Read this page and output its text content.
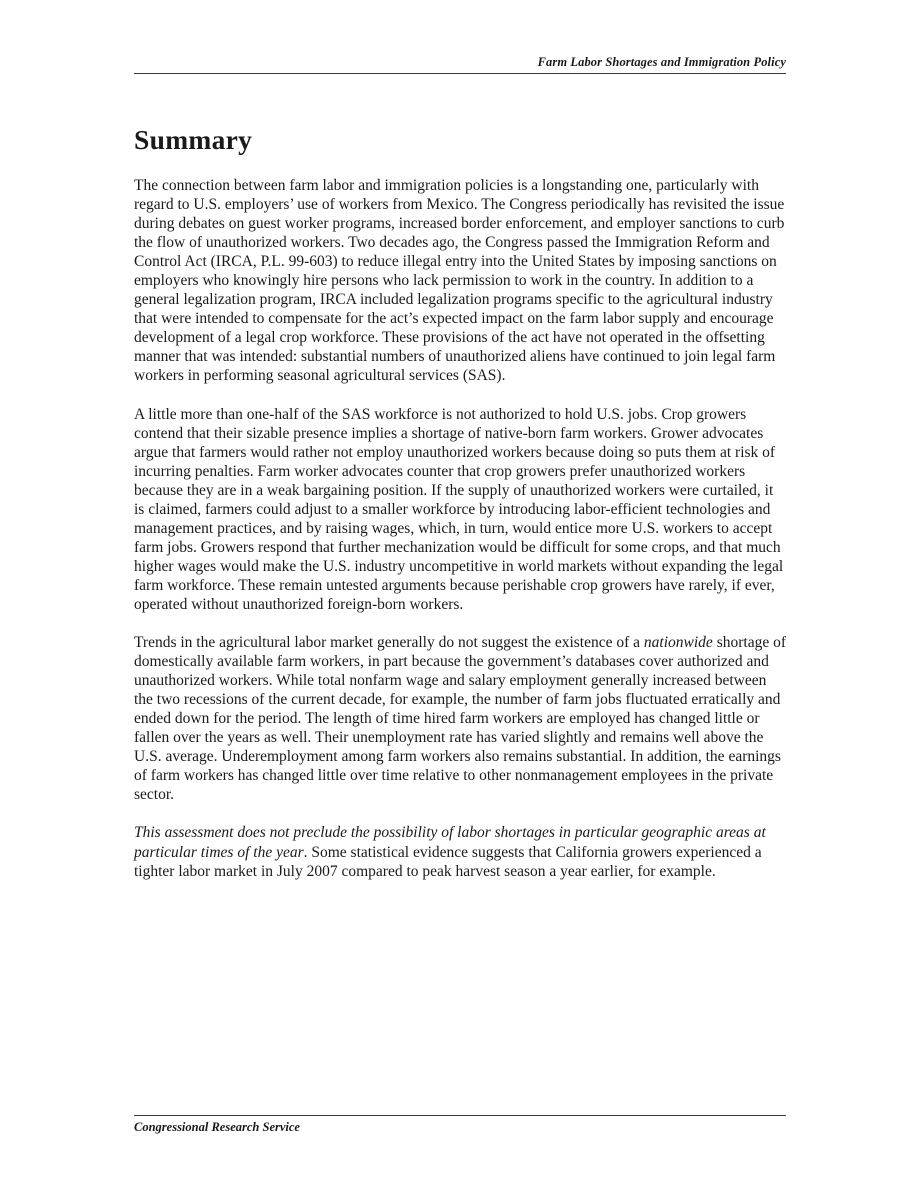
Farm Labor Shortages and Immigration Policy
Summary

The connection between farm labor and immigration policies is a longstanding one, particularly with regard to U.S. employers’ use of workers from Mexico. The Congress periodically has revisited the issue during debates on guest worker programs, increased border enforcement, and employer sanctions to curb the flow of unauthorized workers. Two decades ago, the Congress passed the Immigration Reform and Control Act (IRCA, P.L. 99-603) to reduce illegal entry into the United States by imposing sanctions on employers who knowingly hire persons who lack permission to work in the country. In addition to a general legalization program, IRCA included legalization programs specific to the agricultural industry that were intended to compensate for the act’s expected impact on the farm labor supply and encourage development of a legal crop workforce. These provisions of the act have not operated in the offsetting manner that was intended: substantial numbers of unauthorized aliens have continued to join legal farm workers in performing seasonal agricultural services (SAS).

A little more than one-half of the SAS workforce is not authorized to hold U.S. jobs. Crop growers contend that their sizable presence implies a shortage of native-born farm workers. Grower advocates argue that farmers would rather not employ unauthorized workers because doing so puts them at risk of incurring penalties. Farm worker advocates counter that crop growers prefer unauthorized workers because they are in a weak bargaining position. If the supply of unauthorized workers were curtailed, it is claimed, farmers could adjust to a smaller workforce by introducing labor-efficient technologies and management practices, and by raising wages, which, in turn, would entice more U.S. workers to accept farm jobs. Growers respond that further mechanization would be difficult for some crops, and that much higher wages would make the U.S. industry uncompetitive in world markets without expanding the legal farm workforce. These remain untested arguments because perishable crop growers have rarely, if ever, operated without unauthorized foreign-born workers.

Trends in the agricultural labor market generally do not suggest the existence of a nationwide shortage of domestically available farm workers, in part because the government’s databases cover authorized and unauthorized workers. While total nonfarm wage and salary employment generally increased between the two recessions of the current decade, for example, the number of farm jobs fluctuated erratically and ended down for the period. The length of time hired farm workers are employed has changed little or fallen over the years as well. Their unemployment rate has varied slightly and remains well above the U.S. average. Underemployment among farm workers also remains substantial. In addition, the earnings of farm workers has changed little over time relative to other nonmanagement employees in the private sector.

This assessment does not preclude the possibility of labor shortages in particular geographic areas at particular times of the year. Some statistical evidence suggests that California growers experienced a tighter labor market in July 2007 compared to peak harvest season a year earlier, for example.

Congressional Research Service
